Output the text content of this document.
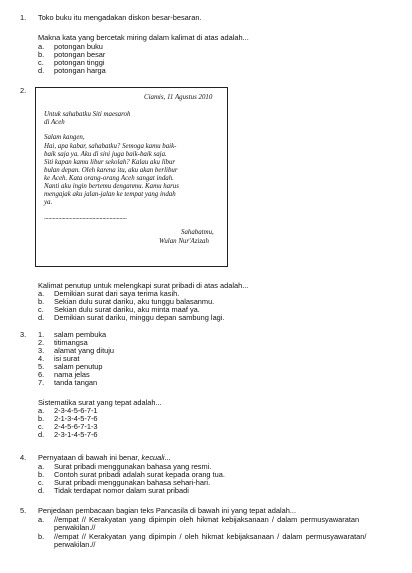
1. Toko buku itu mengadakan diskon besar-besaran.
Makna kata yang bercetak miring dalam kalimat di atas adalah...
a. potongan buku
b. potongan besar
c. potongan tinggi
d. potongan harga
2.
Ciamis, 11 Agustus 2010
Untuk sahabatku Siti maesaroh
di Aceh
Salam kangen,
Hai, apa kabar, sahabatku? Semoga kamu baik-
baik saja ya. Aku di sini juga baik-baik saja.
Siti kapan kamu libur sekolah? Kalau aku libur
bulan depan. Oleh karena itu, aku akan berlibur
ke Aceh. Kata orang-orang Aceh sangat indah.
Nanti aku ingin bertemu denganmu. Kamu harus
mengajak aku jalan-jalan ke tempat yang indah
ya.
..........................................................
Sahabatmu,
Wulan Nur'Azizah
Kalimat penutup untuk melengkapi surat pribadi di atas adalah...
a. Demikian surat dari saya terima kasih.
b. Sekian dulu surat dariku, aku tunggu balasanmu.
c. Sekian dulu surat dariku, aku minta maaf ya.
d. Demikian surat dariku, minggu depan sambung lagi.
3. 1. salam pembuka
2. titimangsa
3. alamat yang dituju
4. isi surat
5. salam penutup
6. nama jelas
7. tanda tangan
Sistematika surat yang tepat adalah...
a. 2-3-4-5-6-7-1
b. 2-1-3-4-5-7-6
c. 2-4-5-6-7-1-3
d. 2-3-1-4-5-7-6
4. Pernyataan di bawah ini benar, kecuali...
a. Surat pribadi menggunakan bahasa yang resmi.
b. Contoh surat pribadi adalah surat kepada orang tua.
c. Surat pribadi menggunakan bahasa sehari-hari.
d. Tidak terdapat nomor dalam surat pribadi
5. Penjedaan pembacaan bagian teks Pancasila di bawah ini yang tepat adalah...
a. //empat // Kerakyatan yang dipimpin oleh hikmat kebijaksanaan / dalam permusyawaratan
perwakilan.//
b. //empat // Kerakyatan yang dipimpin / oleh hikmat kebijaksanaan / dalam permusyawaratan/
perwakilan.//
